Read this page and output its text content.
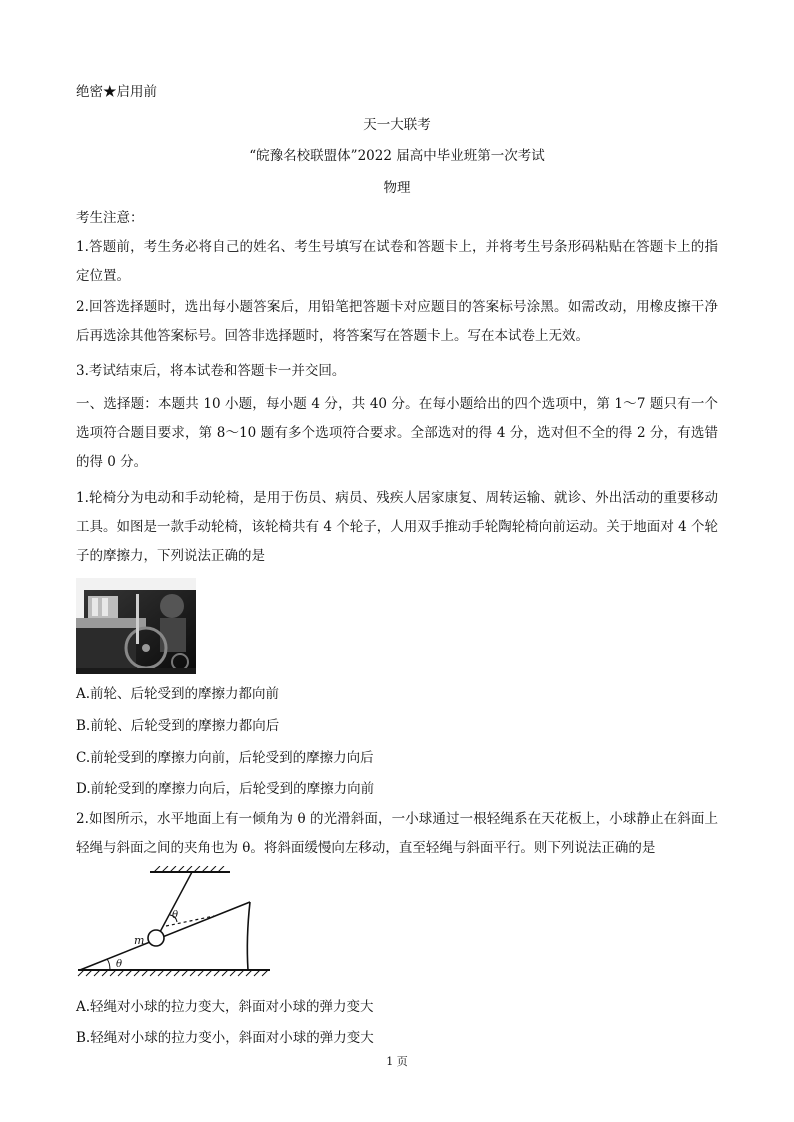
绝密★启用前
天一大联考
“皖豫名校联盟体”2022 届高中毕业班第一次考试
物理
考生注意：
1.答题前，考生务必将自己的姓名、考生号填写在试卷和答题卡上，并将考生号条形码粘贴在答题卡上的指定位置。
2.回答选择题时，选出每小题答案后，用铅笔把答题卡对应题目的答案标号涂黑。如需改动，用橡皮擦干净后再选涂其他答案标号。回答非选择题时，将答案写在答题卡上。写在本试卷上无效。
3.考试结束后，将本试卷和答题卡一并交回。
一、选择题：本题共 10 小题，每小题 4 分，共 40 分。在每小题给出的四个选项中，第 1～7 题只有一个选项符合题目要求，第 8～10 题有多个选项符合要求。全部选对的得 4 分，选对但不全的得 2 分，有选错的得 0 分。
1.轮椅分为电动和手动轮椅，是用于伤员、病员、残疾人居家康复、周转运输、就诊、外出活动的重要移动工具。如图是一款手动轮椅，该轮椅共有 4 个轮子，人用双手推动手轮陶轮椅向前运动。关于地面对 4 个轮子的摩擦力，下列说法正确的是
A.前轮、后轮受到的摩擦力都向前
B.前轮、后轮受到的摩擦力都向后
C.前轮受到的摩擦力向前，后轮受到的摩擦力向后
D.前轮受到的摩擦力向后，后轮受到的摩擦力向前
2.如图所示，水平地面上有一倾角为 θ 的光滑斜面，一小球通过一根轻绳系在天花板上，小球静止在斜面上轻绳与斜面之间的夹角也为 θ。将斜面缓慢向左移动，直至轻绳与斜面平行。则下列说法正确的是
m
θ
θ
A.轻绳对小球的拉力变大，斜面对小球的弹力变大
B.轻绳对小球的拉力变小，斜面对小球的弹力变大
1 页
